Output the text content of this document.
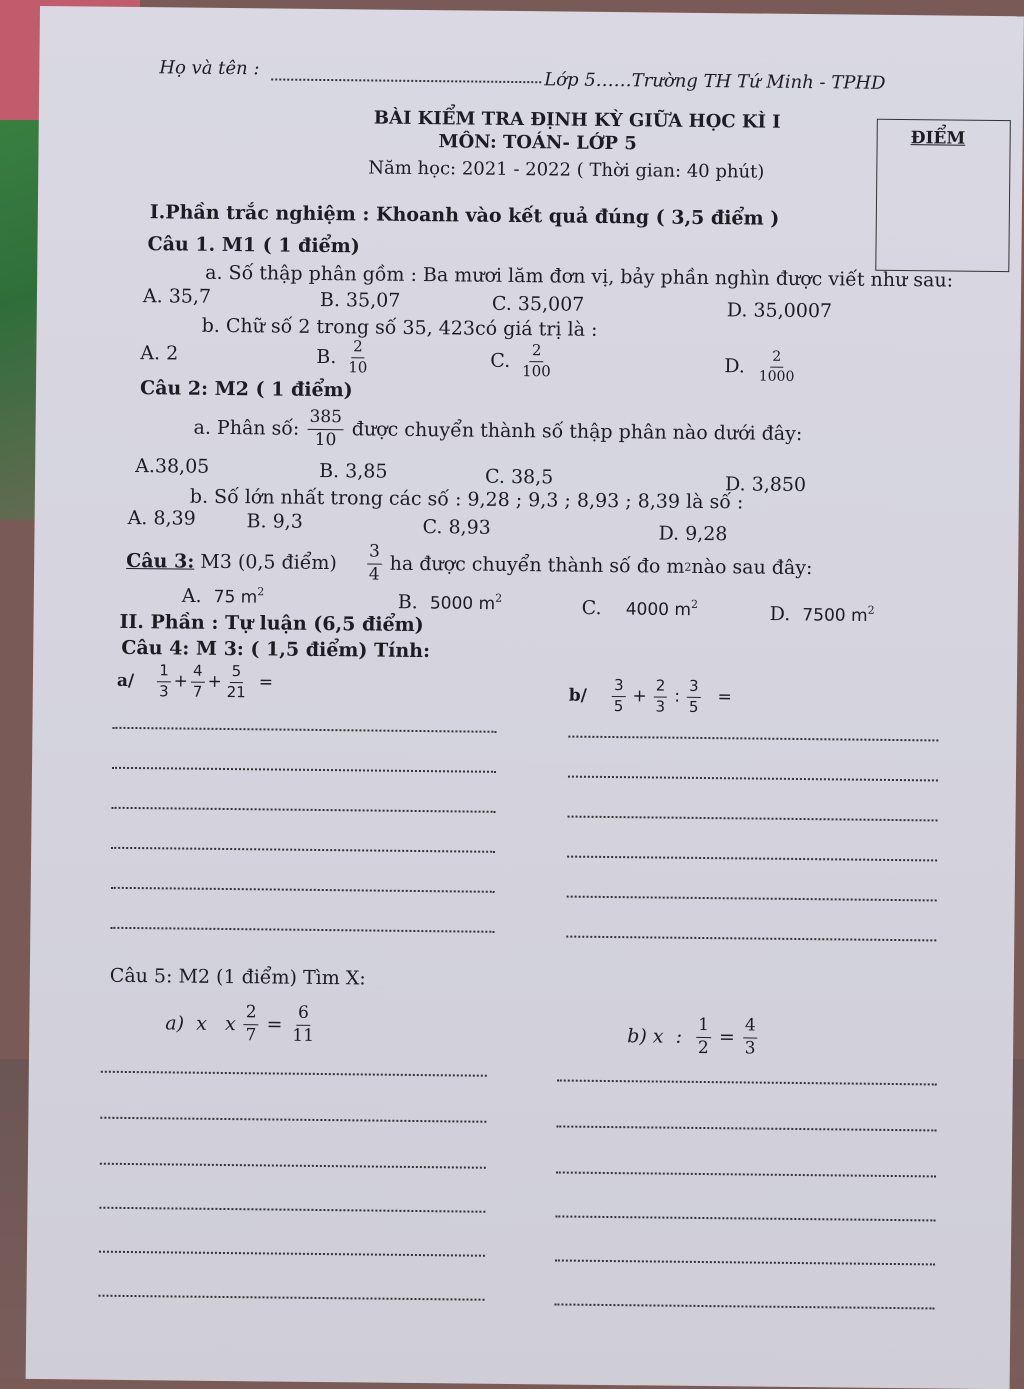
Họ và tên :
Lớp 5……Trường TH Tứ Minh - TPHD
BÀI KIỂM TRA ĐỊNH KỲ GIỮA HỌC KÌ I
MÔN: TOÁN- LỚP 5
Năm học: 2021 - 2022 ( Thời gian: 40 phút)
ĐIỂM
I.Phần trắc nghiệm : Khoanh vào kết quả đúng ( 3,5 điểm )
Câu 1. M1 ( 1 điểm)
a. Số thập phân gồm : Ba mươi lăm đơn vị, bảy phần nghìn được viết như sau:
A. 35,7	B. 35,07	C. 35,007	D. 35,0007
b. Chữ số 2 trong số 35, 423có giá trị là :
A. 2	B. $\frac{2}{10}$	C. $\frac{2}{100}$	D. $\frac{2}{1000}$
Câu 2: M2 ( 1 điểm)
a. Phân số: $\frac{385}{10}$ được chuyển thành số thập phân nào dưới đây:
A.38,05	B. 3,85	C. 38,5	D. 3,850
b. Số lớn nhất trong các số : 9,28 ; 9,3 ; 8,93 ; 8,39 là số :
A. 8,39	B. 9,3	C. 8,93	D. 9,28
Câu 3: M3 (0,5 điểm) $\frac{3}{4}$ ha được chuyển thành số đo m 2 nào sau đây:
A. 75 $m^2$	B. 5000 $m^2$	C. 4000 $m^2$	D. 7500 $m^2$
II. Phần : Tự luận (6,5 điểm)
Câu 4: M 3: ( 1,5 điểm) Tính:
$a/ \frac{1}{3} + \frac{4}{7} + \frac{5}{21}$ =
$b/ \frac{3}{5} + \frac{2}{3}$ : $\frac{3}{5}$ =
Câu 5: M2 (1 điểm) Tìm X:
a)  x   x $\frac{2}{7} = \frac{6}{11}$	b) x  : $\frac{1}{2} = \frac{4}{3}$
